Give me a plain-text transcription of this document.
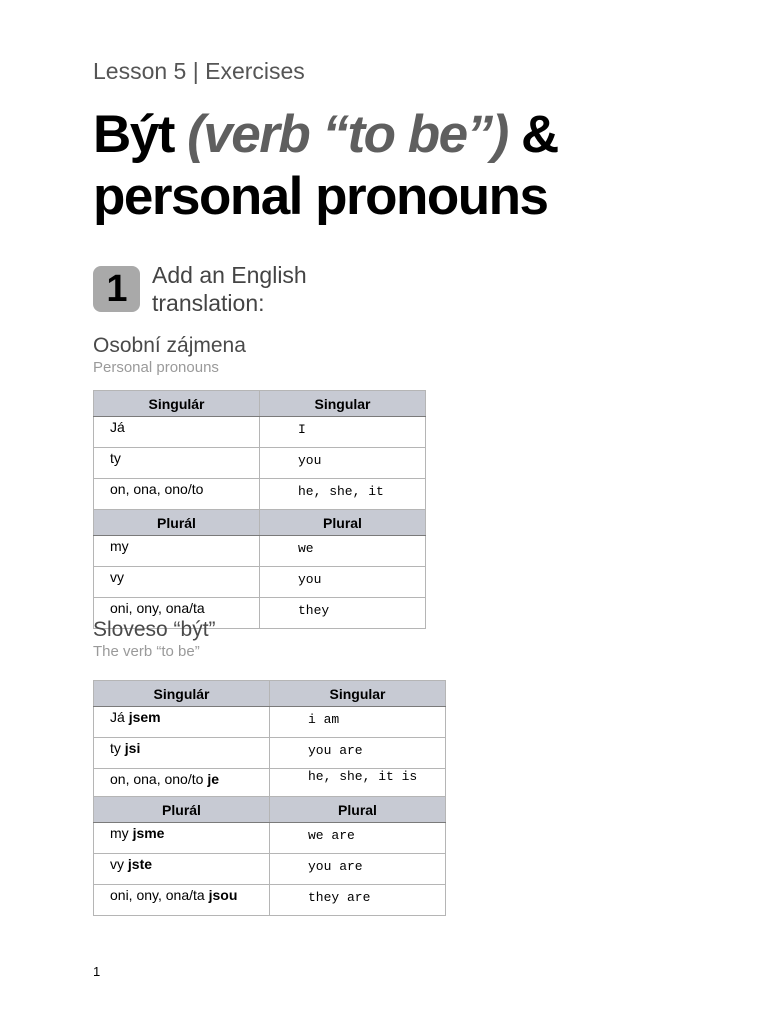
Lesson 5 | Exercises
Být (verb “to be”) &
personal pronouns
1	Add an English
translation:
Osobní zájmena
Personal pronouns
Singulár	Singular
Já	I
ty	you
on, ona, ono/to	he, she, it
Plurál	Plural
my	we
vy	you
oni, ony, ona/ta	they
Sloveso “být”
The verb “to be”
Singulár	Singular
Já jsem	i am
ty jsi	you are
on, ona, ono/to je	he, she, it is
Plurál	Plural
my jsme	we are
vy jste	you are
oni, ony, ona/ta jsou	they are
1
